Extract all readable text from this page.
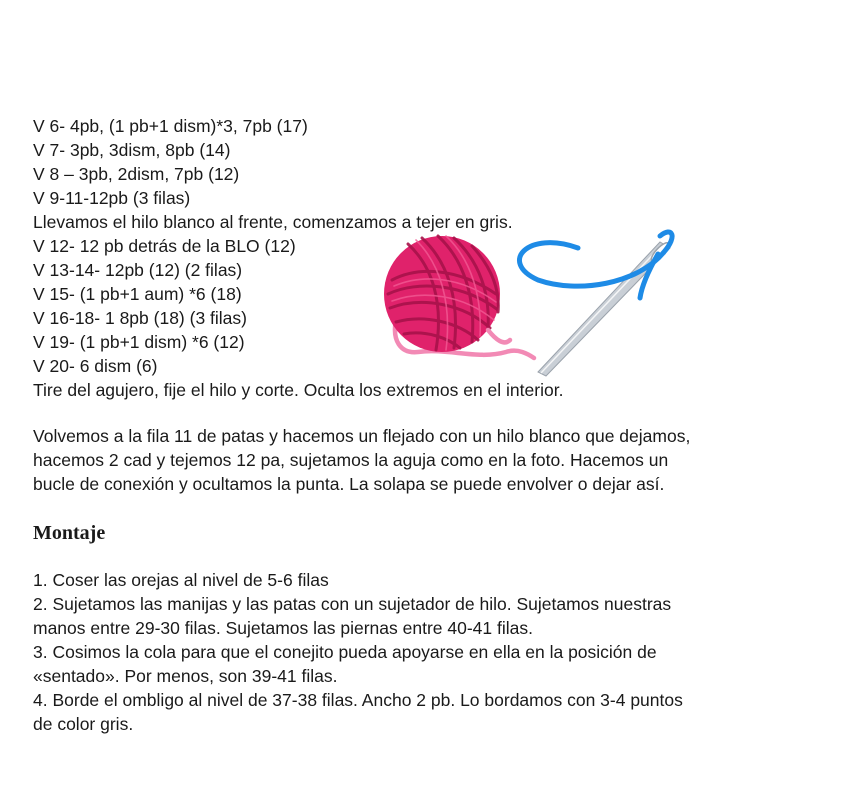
V 6- 4pb, (1 pb+1 dism)*3, 7pb (17)
V 7- 3pb, 3dism, 8pb (14)
V 8 – 3pb, 2dism, 7pb (12)
V 9-11-12pb (3 filas)
Llevamos el hilo blanco al frente, comenzamos a tejer en gris.
V 12- 12 pb detrás de la BLO (12)
V 13-14- 12pb (12) (2 filas)
V 15- (1 pb+1 aum) *6 (18)
V 16-18- 1 8pb (18) (3 filas)
V 19- (1 pb+1 dism) *6 (12)
V 20- 6 dism (6)
Tire del agujero, fije el hilo y corte. Oculta los extremos en el interior.
Volvemos a la fila 11 de patas y hacemos un flejado con un hilo blanco que dejamos,
hacemos 2 cad y tejemos 12 pa, sujetamos la aguja como en la foto. Hacemos un
bucle de conexión y ocultamos la punta. La solapa se puede envolver o dejar así.
Montaje
1. Coser las orejas al nivel de 5-6 filas
2. Sujetamos las manijas y las patas con un sujetador de hilo. Sujetamos nuestras
manos entre 29-30 filas. Sujetamos las piernas entre 40-41 filas.
3. Cosimos la cola para que el conejito pueda apoyarse en ella en la posición de
«sentado». Por menos, son 39-41 filas.
4. Borde el ombligo al nivel de 37-38 filas. Ancho 2 pb. Lo bordamos con 3-4 puntos
de color gris.
